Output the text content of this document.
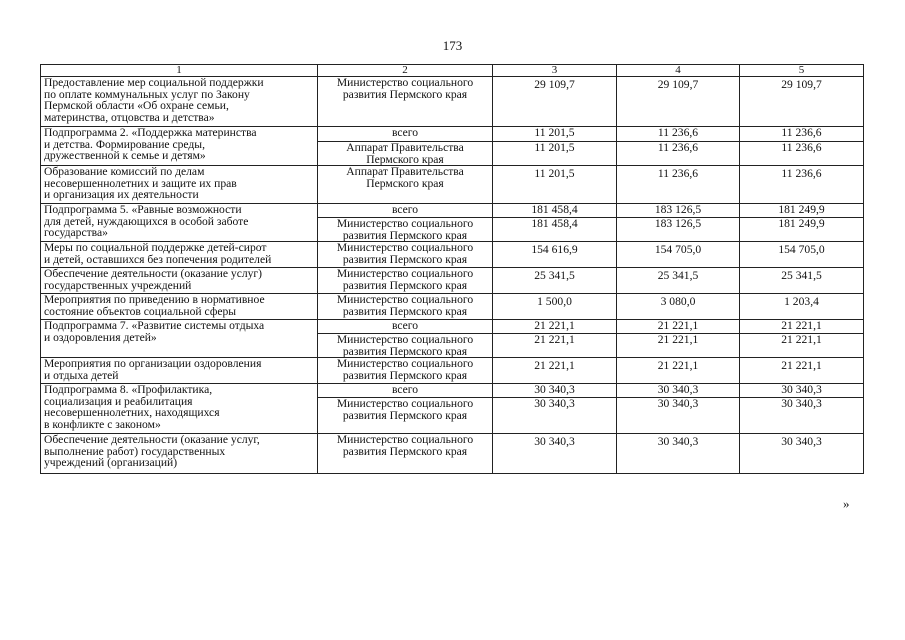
173
1	2	3	4	5
Предоставление мер социальной поддержки
по оплате коммунальных услуг по Закону
Пермской области «Об охране семьи,
материнства, отцовства и детства»	Министерство социального
развития Пермского края	29 109,7	29 109,7	29 109,7
Подпрограмма 2. «Поддержка материнства
и детства. Формирование среды,
дружественной к семье и детям»	всего	11 201,5	11 236,6	11 236,6
	Аппарат Правительства
Пермского края	11 201,5	11 236,6	11 236,6
Образование комиссий по делам
несовершеннолетних и защите их прав
и организация их деятельности	Аппарат Правительства
Пермского края	11 201,5	11 236,6	11 236,6
Подпрограмма 5. «Равные возможности
для детей, нуждающихся в особой заботе
государства»	всего	181 458,4	183 126,5	181 249,9
	Министерство социального
развития Пермского края	181 458,4	183 126,5	181 249,9
Меры по социальной поддержке детей-сирот
и детей, оставшихся без попечения родителей	Министерство социального
развития Пермского края	154 616,9	154 705,0	154 705,0
Обеспечение деятельности (оказание услуг)
государственных учреждений	Министерство социального
развития Пермского края	25 341,5	25 341,5	25 341,5
Мероприятия по приведению в нормативное
состояние объектов социальной сферы	Министерство социального
развития Пермского края	1 500,0	3 080,0	1 203,4
Подпрограмма 7. «Развитие системы отдыха
и оздоровления детей»	всего	21 221,1	21 221,1	21 221,1
	Министерство социального
развития Пермского края	21 221,1	21 221,1	21 221,1
Мероприятия по организации оздоровления
и отдыха детей	Министерство социального
развития Пермского края	21 221,1	21 221,1	21 221,1
Подпрограмма 8. «Профилактика,
социализация и реабилитация
несовершеннолетних, находящихся
в конфликте с законом»	всего	30 340,3	30 340,3	30 340,3
	Министерство социального
развития Пермского края	30 340,3	30 340,3	30 340,3
Обеспечение деятельности (оказание услуг,
выполнение работ) государственных
учреждений (организаций)	Министерство социального
развития Пермского края	30 340,3	30 340,3	30 340,3
»
